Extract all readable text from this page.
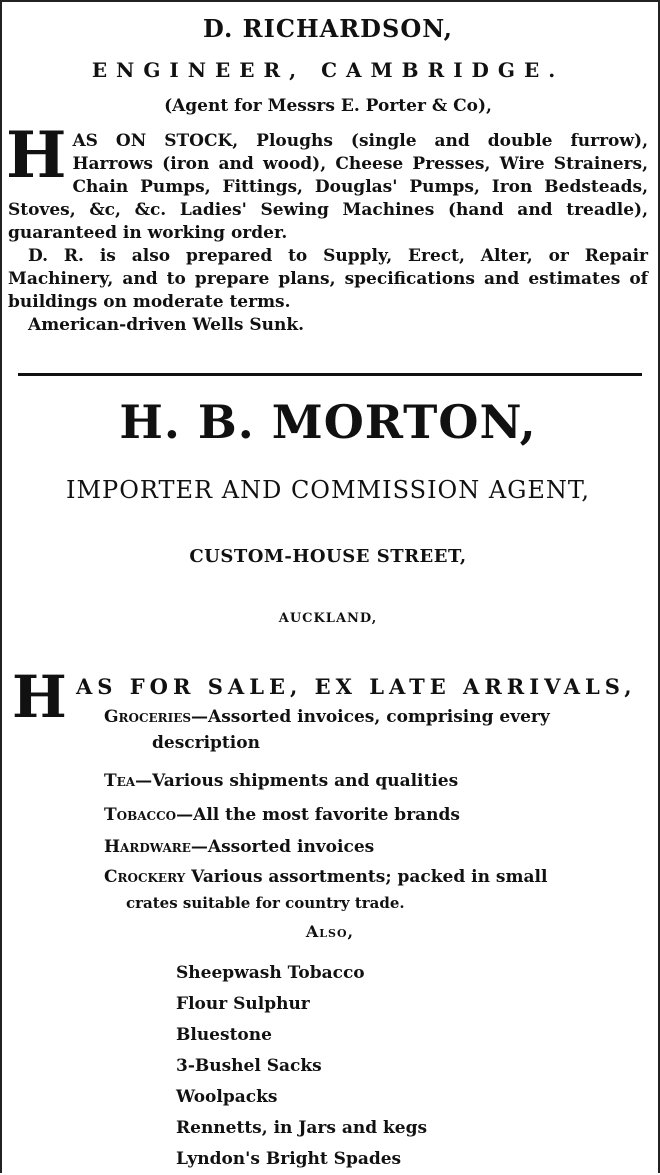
D. RICHARDSON,
ENGINEER, CAMBRIDGE.
(Agent for Messrs E. Porter & Co),
H AS ON STOCK, Ploughs (single and double furrow), Harrows (iron and wood), Cheese Presses, Wire Strainers, Chain Pumps, Fittings, Douglas' Pumps, Iron Bedsteads, Stoves, &c, &c. Ladies' Sewing Machines (hand and treadle), guaranteed in working order.

D. R. is also prepared to Supply, Erect, Alter, or Repair Machinery, and to prepare plans, specifications and estimates of buildings on moderate terms.

American-driven Wells Sunk.

H. B. MORTON,
IMPORTER AND COMMISSION AGENT,
CUSTOM-HOUSE STREET,
AUCKLAND,
H AS FOR SALE, EX LATE ARRIVALS,
Groceries—Assorted invoices, comprising every
description
Tea—Various shipments and qualities
Tobacco—All the most favorite brands
Hardware—Assorted invoices
Crockery Various assortments; packed in small
crates suitable for country trade.
Also,
Sheepwash Tobacco
Flour Sulphur
Bluestone
3-Bushel Sacks
Woolpacks
Rennetts, in Jars and kegs
Lyndon's Bright Spades
